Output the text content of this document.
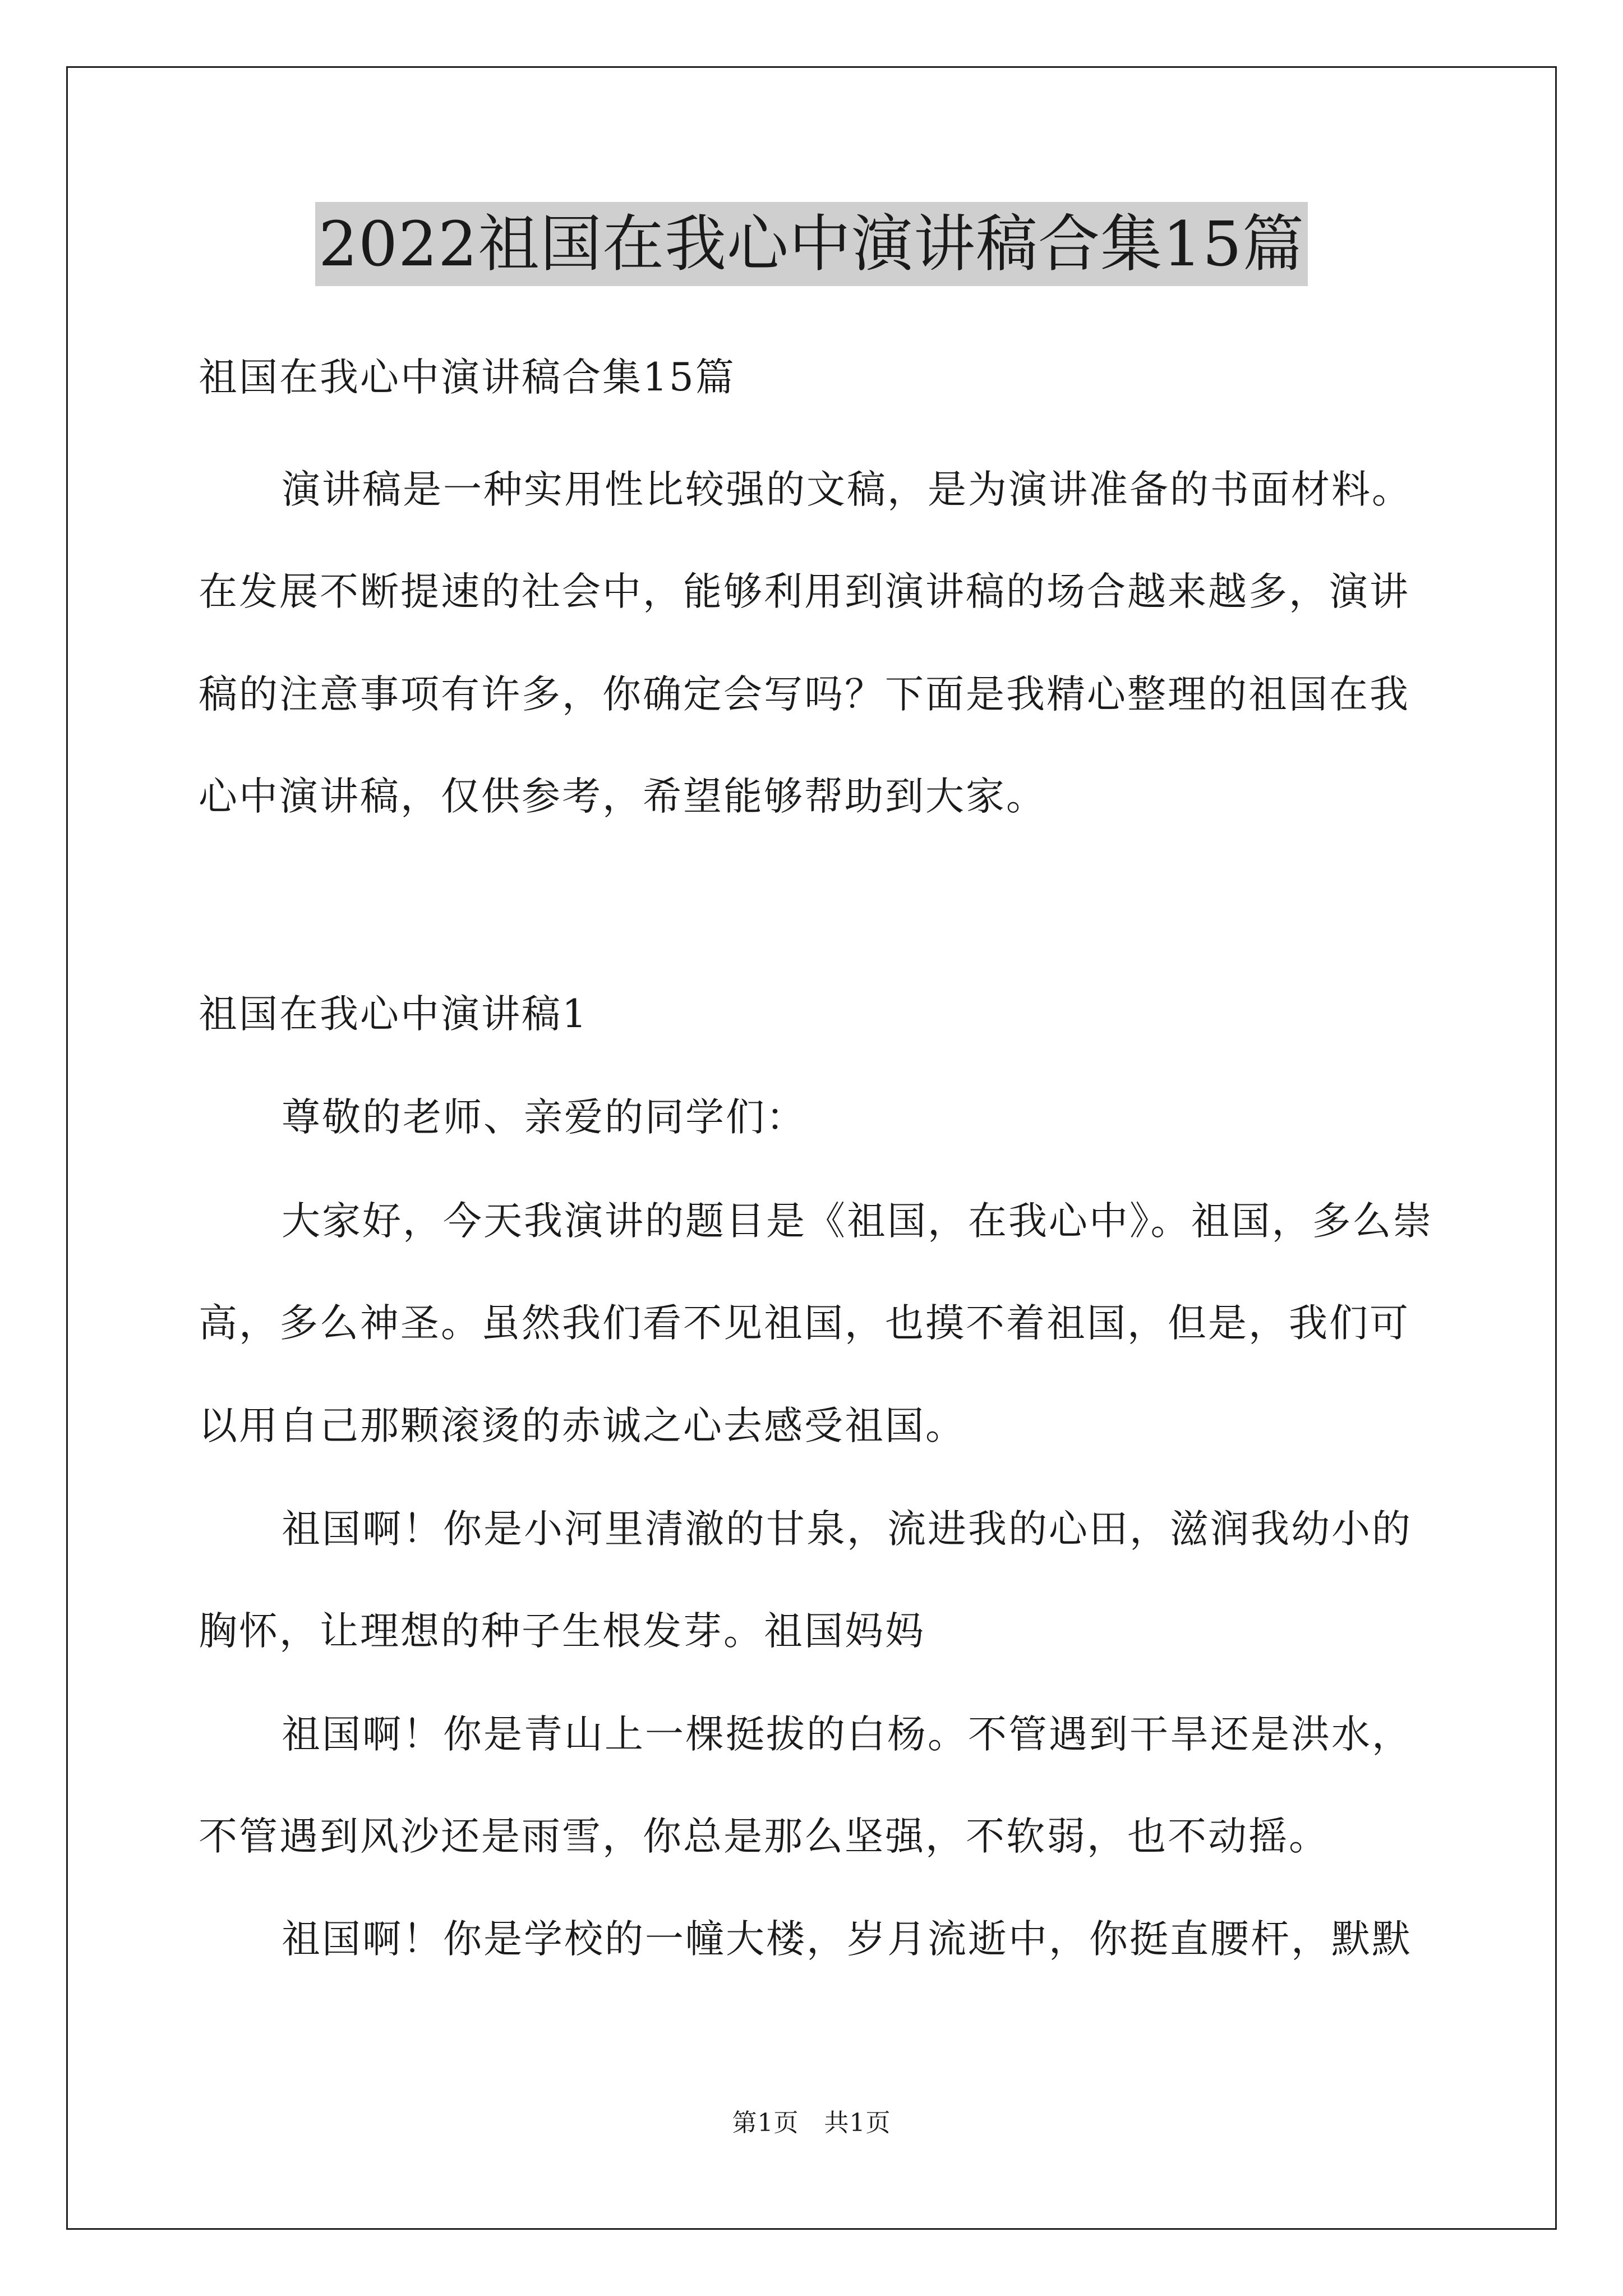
2022祖国在我心中演讲稿合集15篇
祖国在我心中演讲稿合集15篇
演讲稿是一种实用性比较强的文稿，是为演讲准备的书面材料。
在发展不断提速的社会中，能够利用到演讲稿的场合越来越多，演讲
稿的注意事项有许多，你确定会写吗？下面是我精心整理的祖国在我
心中演讲稿，仅供参考，希望能够帮助到大家。
祖国在我心中演讲稿1
尊敬的老师、亲爱的同学们：
大家好，今天我演讲的题目是《祖国，在我心中》。祖国，多么崇
高，多么神圣。虽然我们看不见祖国，也摸不着祖国，但是，我们可
以用自己那颗滚烫的赤诚之心去感受祖国。
祖国啊！你是小河里清澈的甘泉，流进我的心田，滋润我幼小的
胸怀，让理想的种子生根发芽。祖国妈妈
祖国啊！你是青山上一棵挺拔的白杨。不管遇到干旱还是洪水，
不管遇到风沙还是雨雪，你总是那么坚强，不软弱，也不动摇。
祖国啊！你是学校的一幢大楼，岁月流逝中，你挺直腰杆，默默
第1页　共1页
